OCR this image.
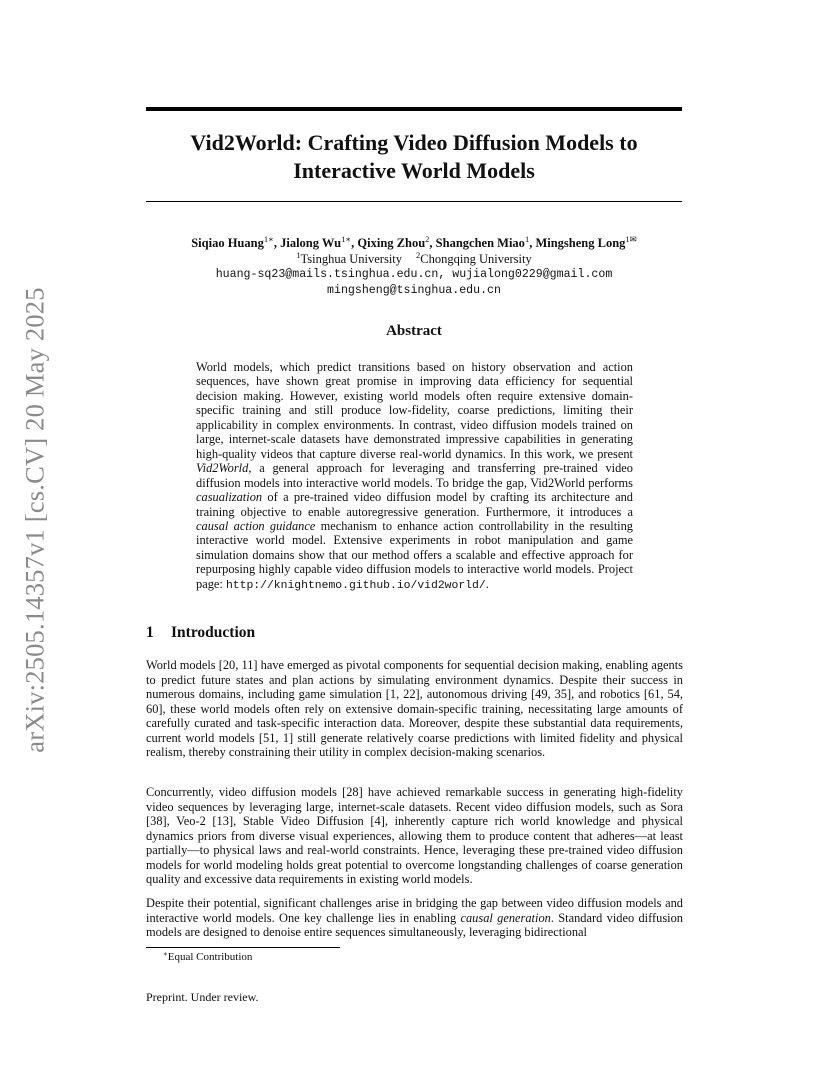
arXiv:2505.14357v1 [cs.CV] 20 May 2025
Vid2World: Crafting Video Diffusion Models to
Interactive World Models
Siqiao Huang$^{1∗}$, Jialong $Wu^{1∗}$, Qixing Zhou$^2$, Shangchen Miao$^1$, Mingsheng Long$^{1✉}$
$^1$Tsinghua University $^2$Chongqing University
huang-sq23@mails.tsinghua.edu.cn, wujialong0229@gmail.com
mingsheng@tsinghua.edu.cn
Abstract
World models, which predict transitions based on history observation and action sequences, have shown great promise in improving data efficiency for sequential decision making. However, existing world models often require extensive domain-specific training and still produce low-fidelity, coarse predictions, limiting their applicability in complex environments. In contrast, video diffusion models trained on large, internet-scale datasets have demonstrated impressive capabilities in generating high-quality videos that capture diverse real-world dynamics. In this work, we present Vid2World, a general approach for leveraging and transferring pre-trained video diffusion models into interactive world models. To bridge the gap, Vid2World performs casualization of a pre-trained video diffusion model by crafting its architecture and training objective to enable autoregressive generation. Furthermore, it introduces a causal action guidance mechanism to enhance action controllability in the resulting interactive world model. Extensive experiments in robot manipulation and game simulation domains show that our method offers a scalable and effective approach for repurposing highly capable video diffusion models to interactive world models. Project page: http://knightnemo.github.io/vid2world/.
1 Introduction
World models [20, 11] have emerged as pivotal components for sequential decision making, enabling agents to predict future states and plan actions by simulating environment dynamics. Despite their success in numerous domains, including game simulation [1, 22], autonomous driving [49, 35], and robotics [61, 54, 60], these world models often rely on extensive domain-specific training, necessitating large amounts of carefully curated and task-specific interaction data. Moreover, despite these substantial data requirements, current world models [51, 1] still generate relatively coarse predictions with limited fidelity and physical realism, thereby constraining their utility in complex decision-making scenarios.
Concurrently, video diffusion models [28] have achieved remarkable success in generating high-fidelity video sequences by leveraging large, internet-scale datasets. Recent video diffusion models, such as Sora [38], Veo-2 [13], Stable Video Diffusion [4], inherently capture rich world knowledge and physical dynamics priors from diverse visual experiences, allowing them to produce content that adheres—at least partially—to physical laws and real-world constraints. Hence, leveraging these pre-trained video diffusion models for world modeling holds great potential to overcome longstanding challenges of coarse generation quality and excessive data requirements in existing world models.
Despite their potential, significant challenges arise in bridging the gap between video diffusion models and interactive world models. One key challenge lies in enabling causal generation. Standard video diffusion models are designed to denoise entire sequences simultaneously, leveraging bidirectional
∗Equal Contribution
Preprint. Under review.
